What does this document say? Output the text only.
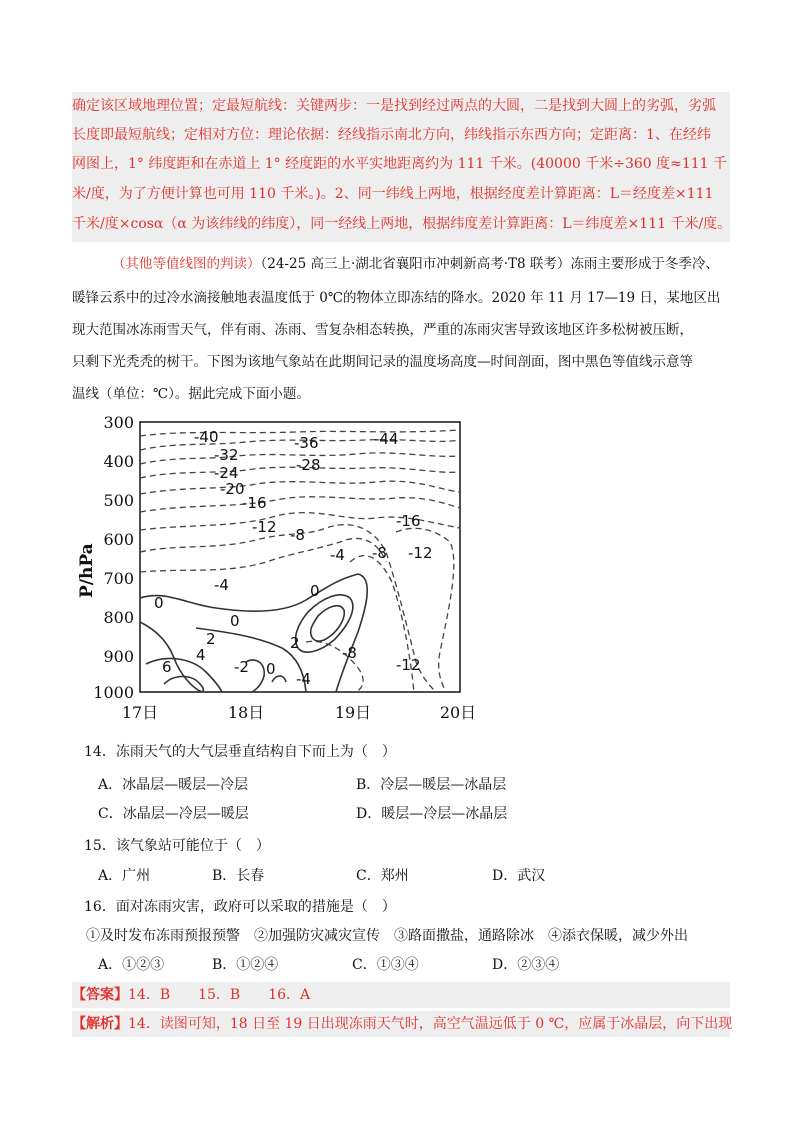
确定该区域地理位置；定最短航线：关键两步：一是找到经过两点的大圆，二是找到大圆上的劣弧，劣弧
长度即最短航线；定相对方位：理论依据：经线指示南北方向，纬线指示东西方向；定距离：1、在经纬
网图上，1° 纬度距和在赤道上 1° 经度距的水平实地距离约为 111 千米。(40000 千米÷360 度≈111 千
米/度，为了方便计算也可用 110 千米。)。2、同一纬线上两地，根据经度差计算距离：L＝经度差×111
千米/度×cosα（α 为该纬线的纬度），同一经线上两地，根据纬度差计算距离：L＝纬度差×111 千米/度。
（其他等值线图的判读）（24-25 高三上·湖北省襄阳市冲刺新高考·T8 联考）冻雨主要形成于冬季冷、
暖锋云系中的过冷水滴接触地表温度低于 0℃的物体立即冻结的降水。2020 年 11 月 17—19 日，某地区出
现大范围冰冻雨雪天气，伴有雨、冻雨、雪复杂相态转换，严重的冻雨灾害导致该地区许多松树被压断，
只剩下光秃秃的树干。下图为该地气象站在此期间记录的温度场高度—时间剖面，图中黑色等值线示意等
温线（单位：℃）。据此完成下面小题。
-40	-36	-44
-32
-28
-24
-20
-16
-12	-16
-8
-12
-4 -8
-4
0
0
0
2	2
4
6	-2 0
-8
-12
-4
300
400
500
600
700
800
900
1000
P/hPa
17日	18日	19日	20日
14．冻雨天气的大气层垂直结构自下而上为（　）
A．冰晶层—暖层—冷层	B．冷层—暖层—冰晶层
C．冰晶层—冷层—暖层	D．暖层—冷层—冰晶层
15．该气象站可能位于（　）
A．广州	B．长春	C．郑州	D．武汉
16．面对冻雨灾害，政府可以采取的措施是（　）
①及时发布冻雨预报预警　②加强防灾减灾宣传　③路面撒盐，通路除冰　④添衣保暖，减少外出
A．①②③	B．①②④	C．①③④	D．②③④
【答案】14．B　　15．B　　16．A
【解析】14．读图可知，18 日至 19 日出现冻雨天气时，高空气温远低于 0 ℃，应属于冰晶层，向下出现
